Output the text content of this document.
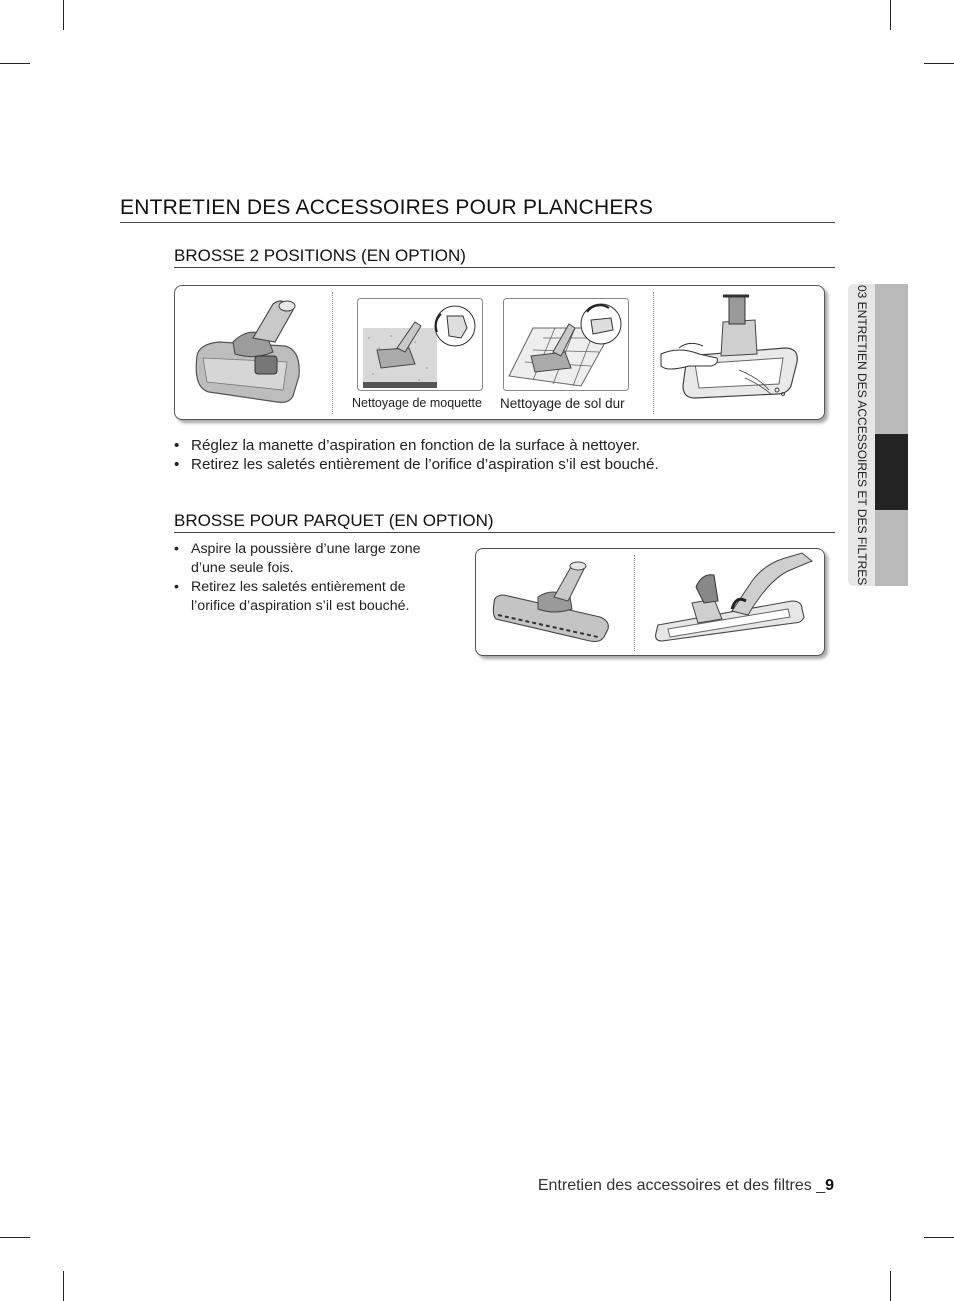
ENTRETIEN DES ACCESSOIRES POUR PLANCHERS
BROSSE 2 POSITIONS (EN OPTION)
Nettoyage de moquette Nettoyage de sol dur
• Réglez la manette d’aspiration en fonction de la surface à nettoyer.
• Retirez les saletés entièrement de l’orifice d’aspiration s’il est bouché.
BROSSE POUR PARQUET (EN OPTION)
• Aspire la poussière d’une large zone d’une seule fois.
• Retirez les saletés entièrement de l’orifice d’aspiration s’il est bouché.
03 ENTRETIEN DES ACCESSOIRES ET DES FILTRES
Entretien des accessoires et des filtres _9
